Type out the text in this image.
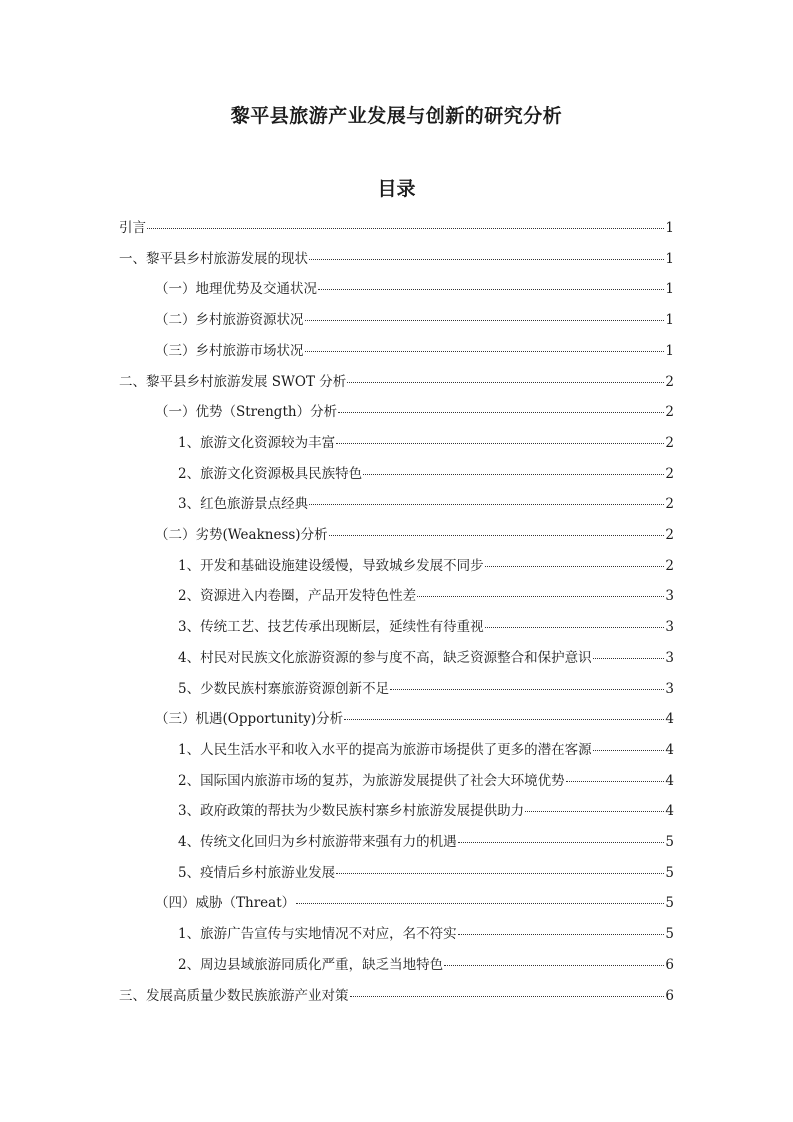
黎平县旅游产业发展与创新的研究分析
目录
引言	1
一、黎平县乡村旅游发展的现状	1
（一）地理优势及交通状况	1
（二）乡村旅游资源状况	1
（三）乡村旅游市场状况	1
二、黎平县乡村旅游发展 SWOT 分析	2
（一）优势（Strength）分析	2
1、旅游文化资源较为丰富	2
2、旅游文化资源极具民族特色	2
3、红色旅游景点经典	2
（二）劣势(Weakness)分析	2
1、开发和基础设施建设缓慢，导致城乡发展不同步	2
2、资源进入内卷圈，产品开发特色性差	3
3、传统工艺、技艺传承出现断层，延续性有待重视	3
4、村民对民族文化旅游资源的参与度不高，缺乏资源整合和保护意识	3
5、少数民族村寨旅游资源创新不足	3
（三）机遇(Opportunity)分析	4
1、人民生活水平和收入水平的提高为旅游市场提供了更多的潜在客源	4
2、国际国内旅游市场的复苏，为旅游发展提供了社会大环境优势	4
3、政府政策的帮扶为少数民族村寨乡村旅游发展提供助力	4
4、传统文化回归为乡村旅游带来强有力的机遇	5
5、疫情后乡村旅游业发展	5
（四）威胁（Threat）	5
1、旅游广告宣传与实地情况不对应，名不符实	5
2、周边县域旅游同质化严重，缺乏当地特色	6
三、发展高质量少数民族旅游产业对策	6
